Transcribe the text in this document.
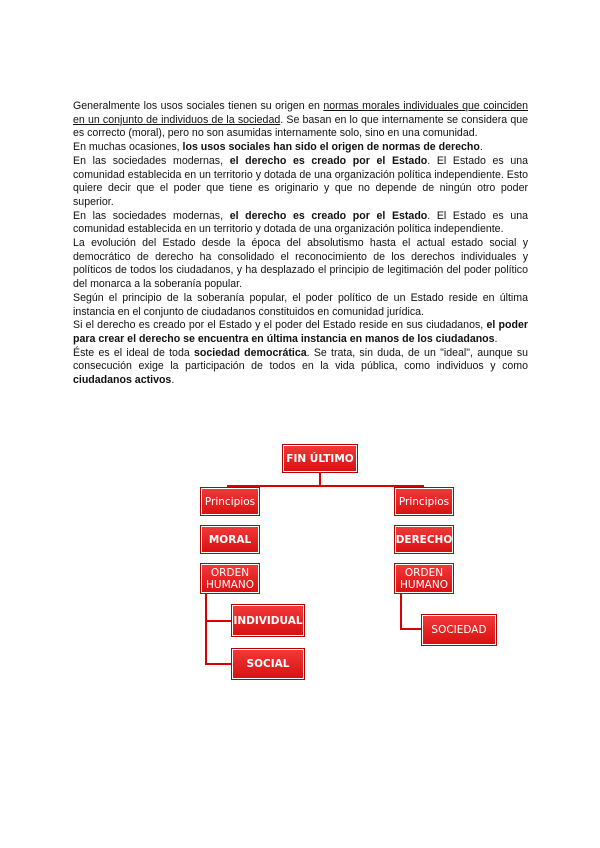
Generalmente los usos sociales tienen su origen en normas morales individuales que coinciden en un conjunto de individuos de la sociedad. Se basan en lo que internamente se considera que es correcto (moral), pero no son asumidas internamente solo, sino en una comunidad.

En muchas ocasiones, los usos sociales han sido el origen de normas de derecho.

En las sociedades modernas, el derecho es creado por el Estado. El Estado es una comunidad establecida en un territorio y dotada de una organización política independiente. Esto quiere decir que el poder que tiene es originario y que no depende de ningún otro poder superior.

En las sociedades modernas, el derecho es creado por el Estado. El Estado es una comunidad establecida en un territorio y dotada de una organización política independiente.

La evolución del Estado desde la época del absolutismo hasta el actual estado social y democrático de derecho ha consolidado el reconocimiento de los derechos individuales y políticos de todos los ciudadanos, y ha desplazado el principio de legitimación del poder político del monarca a la soberanía popular.

Según el principio de la soberanía popular, el poder político de un Estado reside en última instancia en el conjunto de ciudadanos constituidos en comunidad jurídica.

Si el derecho es creado por el Estado y el poder del Estado reside en sus ciudadanos, el poder para crear el derecho se encuentra en última instancia en manos de los ciudadanos.

Éste es el ideal de toda sociedad democrática. Se trata, sin duda, de un "ideal", aunque su consecución exige la participación de todos en la vida pública, como individuos y como ciudadanos activos.

FIN ÚLTIMO
Principios
MORAL
ORDEN
HUMANO
INDIVIDUAL
SOCIAL
Principios
DERECHO
ORDEN
HUMANO
SOCIEDAD
